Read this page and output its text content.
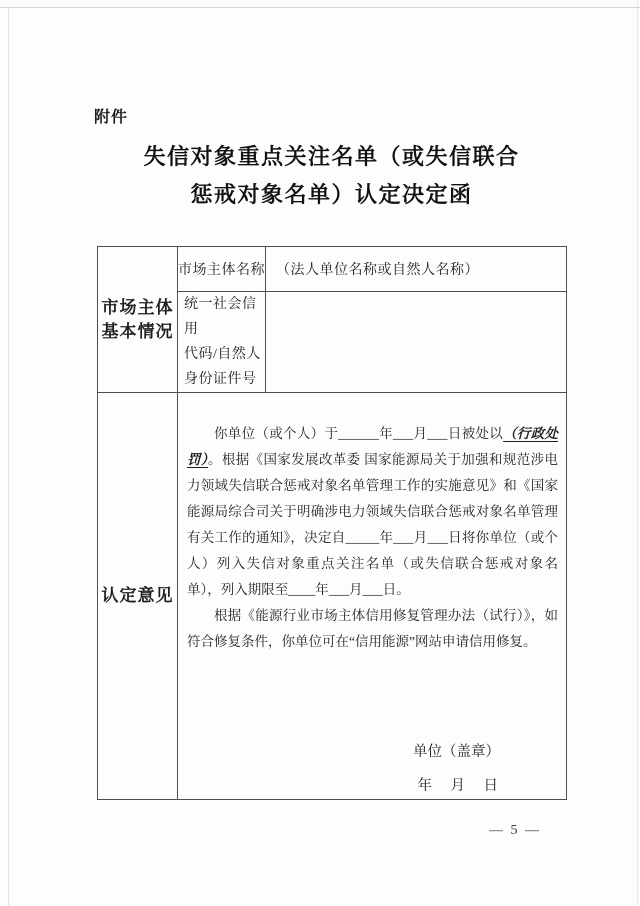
附件
失信对象重点关注名单（或失信联合
惩戒对象名单）认定决定函
市场主体
基本情况	市场主体名称	（法人单位名称或自然人名称）

	统一社会信用
代码/自然人
身份证件号	

认定意见	你单位（或个人）于______年___月___日被处以（行政处罚）。根据《国家发展改革委 国家能源局关于加强和规范涉电力领域失信联合惩戒对象名单管理工作的实施意见》和《国家能源局综合司关于明确涉电力领域失信联合惩戒对象名单管理有关工作的通知》，决定自_____年___月___日将你单位（或个人）列入失信对象重点关注名单（或失信联合惩戒对象名单），列入期限至____年___月___日。

根据《能源行业市场主体信用修复管理办法（试行）》，如符合修复条件，你单位可在“信用能源”网站申请信用修复。

单位（盖章）
年　月　日	
— 5 —
